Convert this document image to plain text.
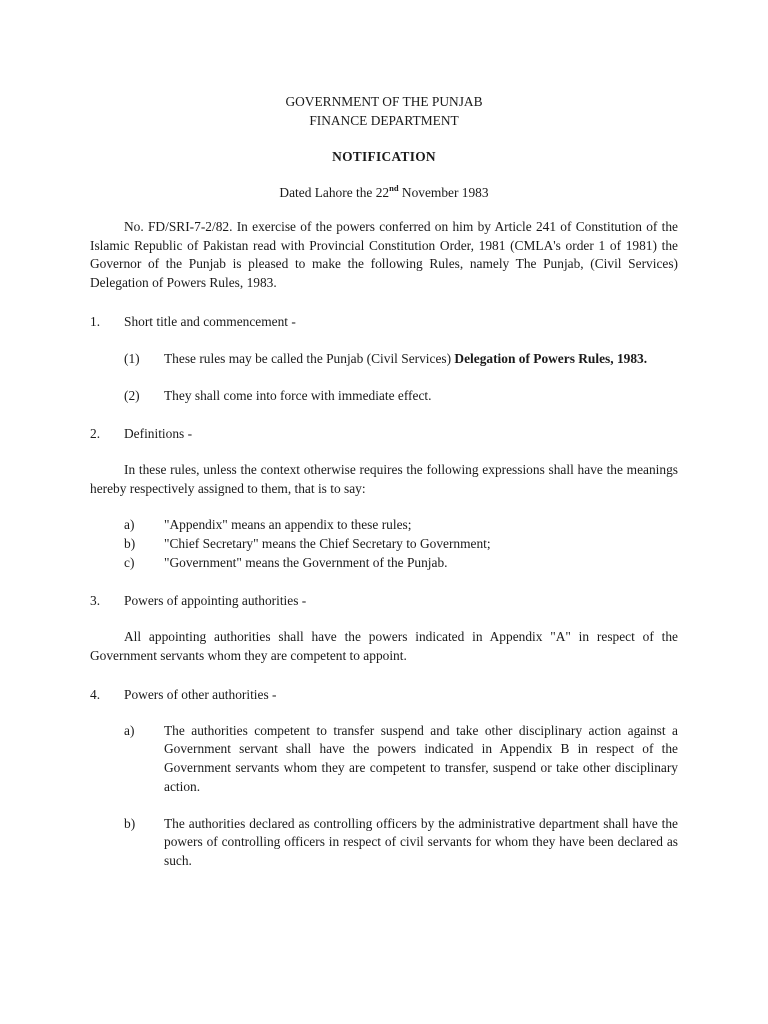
GOVERNMENT OF THE PUNJAB
FINANCE DEPARTMENT
NOTIFICATION
Dated Lahore the 22nd November 1983
No. FD/SRI-7-2/82. In exercise of the powers conferred on him by Article 241 of Constitution of the Islamic Republic of Pakistan read with Provincial Constitution Order, 1981 (CMLA's order 1 of 1981) the Governor of the Punjab is pleased to make the following Rules, namely The Punjab, (Civil Services) Delegation of Powers Rules, 1983.
1.	Short title and commencement -
(1)	These rules may be called the Punjab (Civil Services) Delegation of Powers Rules, 1983.
(2)	They shall come into force with immediate effect.
2.	Definitions -
In these rules, unless the context otherwise requires the following expressions shall have the meanings hereby respectively assigned to them, that is to say:
a)	"Appendix" means an appendix to these rules;
b)	"Chief Secretary" means the Chief Secretary to Government;
c)	"Government" means the Government of the Punjab.
3.	Powers of appointing authorities -
All appointing authorities shall have the powers indicated in Appendix "A" in respect of the Government servants whom they are competent to appoint.
4.	Powers of other authorities -
a)	The authorities competent to transfer suspend and take other disciplinary action against a Government servant shall have the powers indicated in Appendix B in respect of the Government servants whom they are competent to transfer, suspend or take other disciplinary action.
b)	The authorities declared as controlling officers by the administrative department shall have the powers of controlling officers in respect of civil servants for whom they have been declared as such.
